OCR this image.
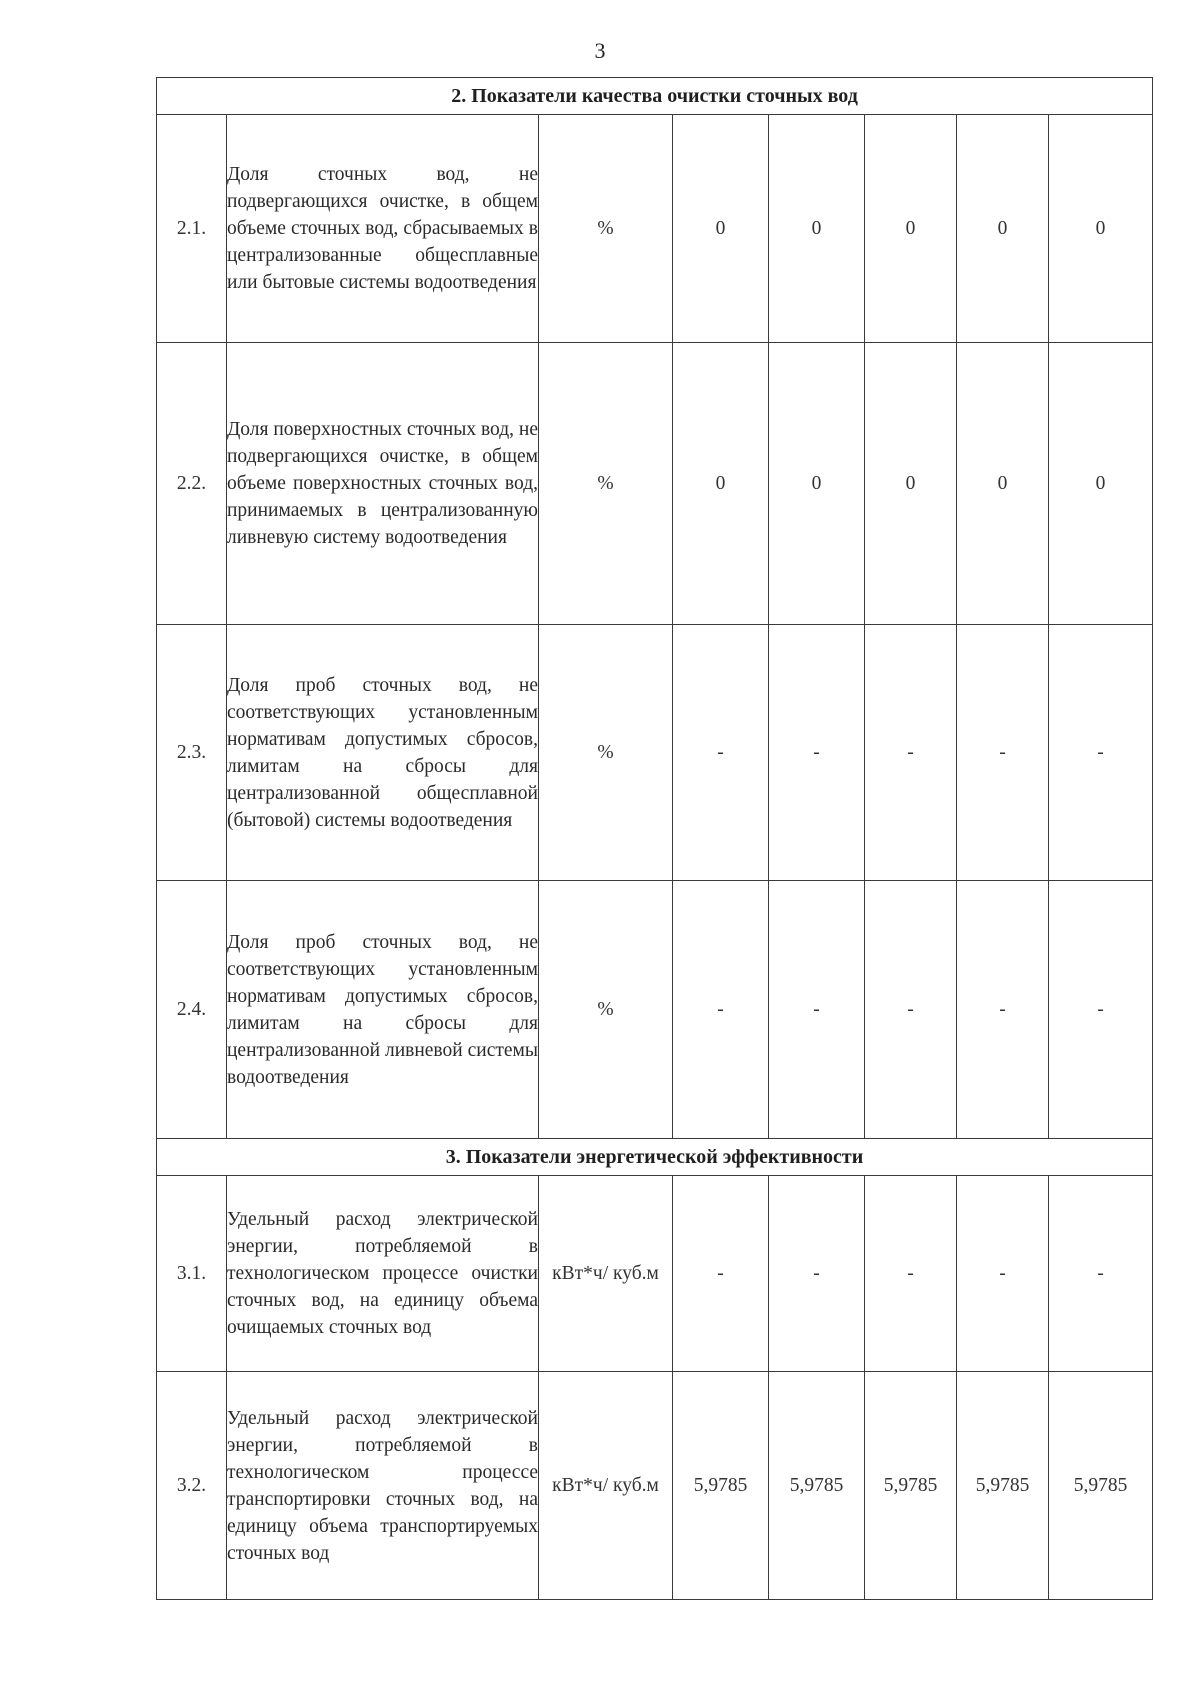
3
2. Показатели качества очистки сточных вод							
2.1.	Доля сточных вод, не подвергающихся очистке, в общем объеме сточных вод, сбрасываемых в централизованные общесплавные или бытовые системы водоотведения	%	0	0	0	0	0
2.2.	Доля поверхностных сточных вод, не подвергающихся очистке, в общем объеме поверхностных сточных вод, принимаемых в централизованную ливневую систему водоотведения	%	0	0	0	0	0
2.3.	Доля проб сточных вод, не соответствующих установленным нормативам допустимых сбросов, лимитам на сбросы для централизованной общесплавной (бытовой) системы водоотведения	%	-	-	-	-	-
2.4.	Доля проб сточных вод, не соответствующих установленным нормативам допустимых сбросов, лимитам на сбросы для централизованной ливневой системы водоотведения	%	-	-	-	-	-
3. Показатели энергетической эффективности							
3.1.	Удельный расход электрической энергии, потребляемой в технологическом процессе очистки сточных вод, на единицу объема очищаемых сточных вод	кВт*ч/ куб.м	-	-	-	-	-
3.2.	Удельный расход электрической энергии, потребляемой в технологическом процессе транспортировки сточных вод, на единицу объема транспортируемых сточных вод	кВт*ч/ куб.м	5,9785	5,9785	5,9785	5,9785	5,9785
